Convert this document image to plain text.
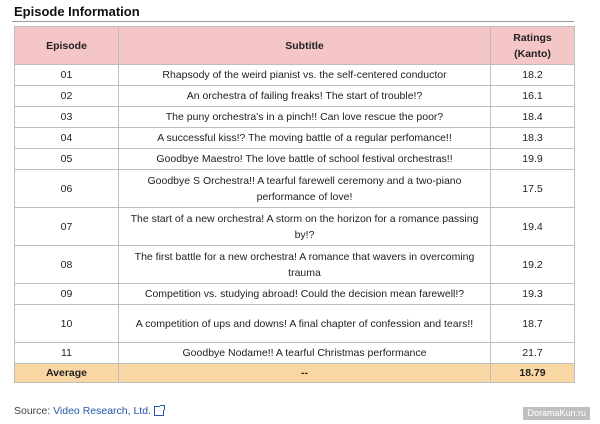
Episode Information
Episode	Subtitle	Ratings
(Kanto)
01	Rhapsody of the weird pianist vs. the self-centered conductor	18.2
02	An orchestra of failing freaks! The start of trouble!?	16.1
03	The puny orchestra's in a pinch!! Can love rescue the poor?	18.4
04	A successful kiss!? The moving battle of a regular perfomance!!	18.3
05	Goodbye Maestro! The love battle of school festival orchestras!!	19.9
06	Goodbye S Orchestra!! A tearful farewell ceremony and a two-piano performance of love!	17.5
07	The start of a new orchestra! A storm on the horizon for a romance passing by!?	19.4
08	The first battle for a new orchestra! A romance that wavers in overcoming trauma	19.2
09	Competition vs. studying abroad! Could the decision mean farewell!?	19.3
10	A competition of ups and downs! A final chapter of confession and tears!!	18.7
11	Goodbye Nodame!! A tearful Christmas performance	21.7
Average	--	18.79
Source: Video Research, Ltd.	DoramaKun.ru
